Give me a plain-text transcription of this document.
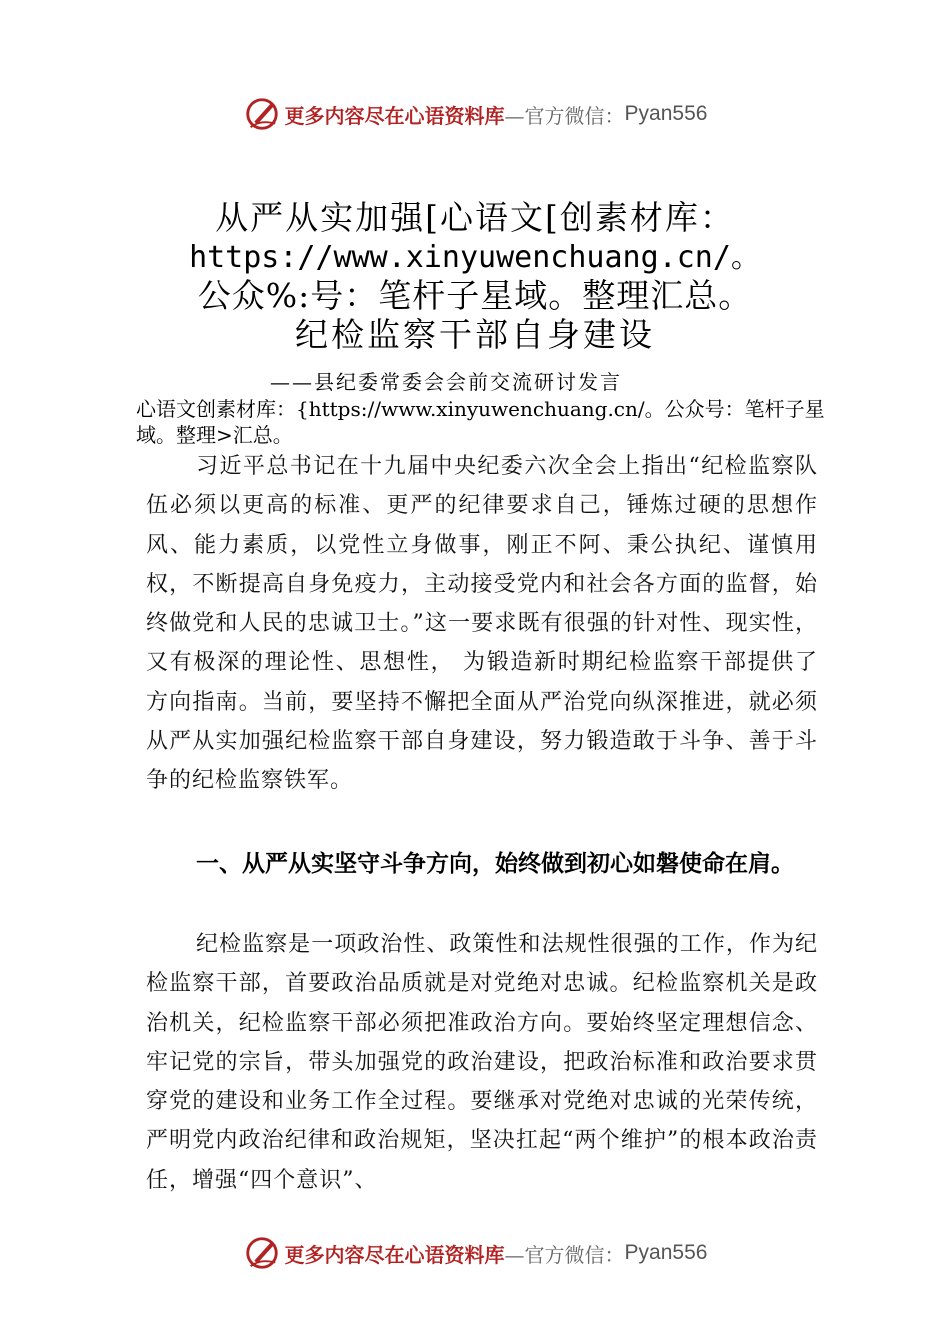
更多内容尽在心语资料库 —官方微信： Pyan556
从严从实加强[心语文[创素材库：
https://www.xinyuwenchuang.cn/。
公众%:号：笔杆子星域。整理汇总。
纪检监察干部自身建设
——县纪委常委会会前交流研讨发言
心语文创素材库：{https://www.xinyuwenchuang.cn/。公众号：笔杆子星域。整理>汇总。
习近平总书记在十九届中央纪委六次全会上指出“纪检监察队伍必须以更高的标准、更严的纪律要求自己，锤炼过硬的思想作风、能力素质，以党性立身做事，刚正不阿、秉公执纪、谨慎用权，不断提高自身免疫力，主动接受党内和社会各方面的监督，始终做党和人民的忠诚卫士。”这一要求既有很强的针对性、现实性，又有极深的理论性、思想性， 为锻造新时期纪检监察干部提供了方向指南。当前，要坚持不懈把全面从严治党向纵深推进，就必须从严从实加强纪检监察干部自身建设，努力锻造敢于斗争、善于斗争的纪检监察铁军。
一、从严从实坚守斗争方向，始终做到初心如磐使命在肩。
纪检监察是一项政治性、政策性和法规性很强的工作，作为纪检监察干部，首要政治品质就是对党绝对忠诚。纪检监察机关是政治机关，纪检监察干部必须把准政治方向。要始终坚定理想信念、牢记党的宗旨，带头加强党的政治建设，把政治标准和政治要求贯穿党的建设和业务工作全过程。要继承对党绝对忠诚的光荣传统，严明党内政治纪律和政治规矩，坚决扛起“两个维护”的根本政治责任，增强“四个意识”、
更多内容尽在心语资料库 —官方微信： Pyan556
